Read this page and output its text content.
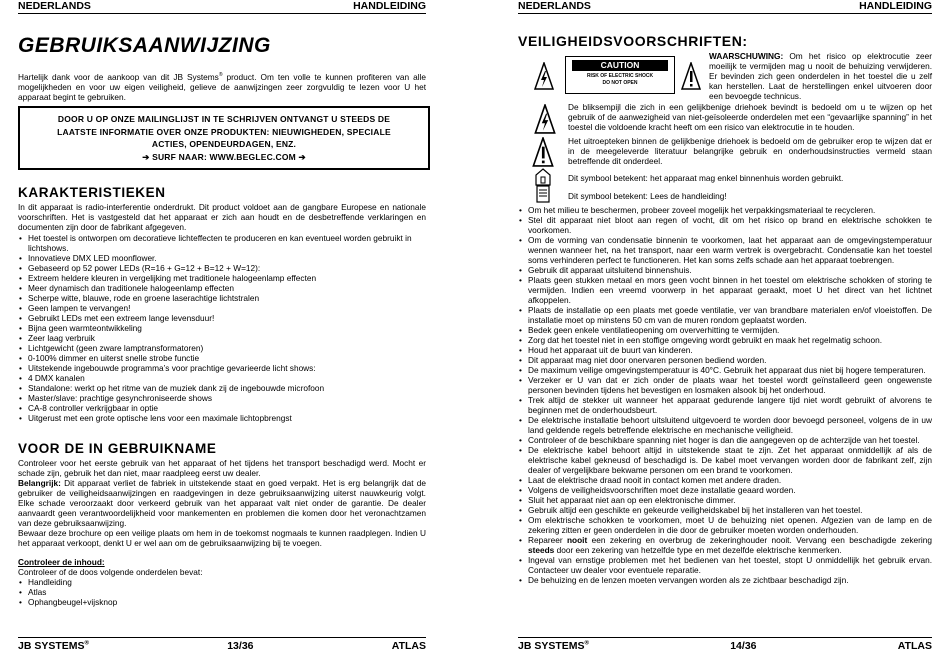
NEDERLANDS	HANDLEIDING
GEBRUIKSAANWIJZING
Hartelijk dank voor de aankoop van dit JB Systems® product. Om ten volle te kunnen profiteren van alle mogelijkheden en voor uw eigen veiligheid, gelieve de aanwijzingen zeer zorgvuldig te lezen voor U het apparaat begint te gebruiken.
DOOR U OP ONZE MAILINGLIJST IN TE SCHRIJVEN ONTVANGT U STEEDS DE LAATSTE INFORMATIE OVER ONZE PRODUKTEN: NIEUWIGHEDEN, SPECIALE ACTIES, OPENDEURDAGEN, ENZ.
➔ SURF NAAR: WWW.BEGLEC.COM ➔
KARAKTERISTIEKEN
In dit apparaat is radio-interferentie onderdrukt. Dit product voldoet aan de gangbare Europese en nationale voorschriften. Het is vastgesteld dat het apparaat er zich aan houdt en de desbetreffende verklaringen en documenten zijn door de fabrikant afgegeven.
• Het toestel is ontworpen om decoratieve lichteffecten te produceren en kan eventueel worden gebruikt in lichtshows.
• Innovatieve DMX LED moonflower.
• Gebaseerd op 52 power LEDs (R=16 + G=12 + B=12 + W=12):
• Extreem heldere kleuren in vergelijking met traditionele halogeenlamp effecten
• Meer dynamisch dan traditionele halogeenlamp effecten
• Scherpe witte, blauwe, rode en groene laserachtige lichtstralen
• Geen lampen te vervangen!
• Gebruikt LEDs met een extreem lange levensduur!
• Bijna geen warmteontwikkeling
• Zeer laag verbruik
• Lichtgewicht (geen zware lamptransformatoren)
• 0-100% dimmer en uiterst snelle strobe functie
• Uitstekende ingebouwde programma’s voor prachtige gevarieerde licht shows:
• 4 DMX kanalen
• Standalone: werkt op het ritme van de muziek dank zij de ingebouwde microfoon
• Master/slave: prachtige gesynchroniseerde shows
• CA-8 controller verkrijgbaar in optie
• Uitgerust met een grote optische lens voor een maximale lichtopbrengst
VOOR DE IN GEBRUIKNAME
Controleer voor het eerste gebruik van het apparaat of het tijdens het transport beschadigd werd. Mocht er schade zijn, gebruik het dan niet, maar raadpleeg eerst uw dealer.
Belangrijk: Dit apparaat verliet de fabriek in uitstekende staat en goed verpakt. Het is erg belangrijk dat de gebruiker de veiligheidsaanwijzingen en raadgevingen in deze gebruiksaanwijzing uiterst nauwkeurig volgt. Elke schade veroorzaakt door verkeerd gebruik van het apparaat valt niet onder de garantie. De dealer aanvaardt geen verantwoordelijkheid voor mankementen en problemen die komen door het veronachtzamen van deze gebruiksaanwijzing.
Bewaar deze brochure op een veilige plaats om hem in de toekomst nogmaals te kunnen raadplegen. Indien U het apparaat verkoopt, denkt U er wel aan om de gebruiksaanwijzing bij te voegen.
Controleer de inhoud:
Controleer of de doos volgende onderdelen bevat:
• Handleiding
• Atlas
• Ophangbeugel+vijsknop
JB SYSTEMS®	13/36	ATLAS
NEDERLANDS	HANDLEIDING
VEILIGHEIDSVOORSCHRIFTEN:
CAUTION
RISK OF ELECTRIC SHOCK
DO NOT OPEN
WAARSCHUWING: Om het risico op elektrocutie zeer moeilijk te vermijden mag u nooit de behuizing verwijderen. Er bevinden zich geen onderdelen in het toestel die u zelf kan herstellen. Laat de herstellingen enkel uitvoeren door een bevoegde technicus.
De bliksempijl die zich in een gelijkbenige driehoek bevindt is bedoeld om u te wijzen op het gebruik of de aanwezigheid van niet-geïsoleerde onderdelen met een “gevaarlijke spanning” in het toestel die voldoende kracht heeft om een risico van elektrocutie in te houden.
Het uitroepteken binnen de gelijkbenige driehoek is bedoeld om de gebruiker erop te wijzen dat er in de meegeleverde literatuur belangrijke gebruik en onderhoudsinstructies vermeld staan betreffende dit onderdeel.
Dit symbool betekent: het apparaat mag enkel binnenhuis worden gebruikt.
Dit symbool betekent: Lees de handleiding!
• Om het milieu te beschermen, probeer zoveel mogelijk het verpakkingsmateriaal te recycleren.
• Stel dit apparaat niet bloot aan regen of vocht, dit om het risico op brand en elektrische schokken te voorkomen.
• Om de vorming van condensatie binnenin te voorkomen, laat het apparaat aan de omgevingstemperatuur wennen wanneer het, na het transport, naar een warm vertrek is overgebracht. Condensatie kan het toestel soms verhinderen perfect te functioneren. Het kan soms zelfs schade aan het apparaat toebrengen.
• Gebruik dit apparaat uitsluitend binnenshuis.
• Plaats geen stukken metaal en mors geen vocht binnen in het toestel om elektrische schokken of storing te vermijden. Indien een vreemd voorwerp in het apparaat geraakt, moet U het direct van het lichtnet afkoppelen.
• Plaats de installatie op een plaats met goede ventilatie, ver van brandbare materialen en/of vloeistoffen. De installatie moet op minstens 50 cm van de muren rondom geplaatst worden.
• Bedek geen enkele ventilatieopening om oververhitting te vermijden.
• Zorg dat het toestel niet in een stoffige omgeving wordt gebruikt en maak het regelmatig schoon.
• Houd het apparaat uit de buurt van kinderen.
• Dit apparaat mag niet door onervaren personen bediend worden.
• De maximum veilige omgevingstemperatuur is 40°C. Gebruik het apparaat dus niet bij hogere temperaturen.
• Verzeker er U van dat er zich onder de plaats waar het toestel wordt geïnstalleerd geen ongewenste personen bevinden tijdens het bevestigen en losmaken alsook bij het onderhoud.
• Trek altijd de stekker uit wanneer het apparaat gedurende langere tijd niet wordt gebruikt of alvorens te beginnen met de onderhoudsbeurt.
• De elektrische installatie behoort uitsluitend uitgevoerd te worden door bevoegd personeel, volgens de in uw land geldende regels betreffende elektrische en mechanische veiligheid.
• Controleer of de beschikbare spanning niet hoger is dan die aangegeven op de achterzijde van het toestel.
• De elektrische kabel behoort altijd in uitstekende staat te zijn. Zet het apparaat onmiddellijk af als de elektrische kabel gekneusd of beschadigd is. De kabel moet vervangen worden door de fabrikant zelf, zijn dealer of vergelijkbare bekwame personen om een brand te voorkomen.
• Laat de elektrische draad nooit in contact komen met andere draden.
• Volgens de veiligheidsvoorschriften moet deze installatie geaard worden.
• Sluit het apparaat niet aan op een elektronische dimmer.
• Gebruik altijd een geschikte en gekeurde veiligheidskabel bij het installeren van het toestel.
• Om elektrische schokken te voorkomen, moet U de behuizing niet openen. Afgezien van de lamp en de zekering zitten er geen onderdelen in die door de gebruiker moeten worden onderhouden.
• Repareer nooit een zekering en overbrug de zekeringhouder nooit. Vervang een beschadigde zekering steeds door een zekering van hetzelfde type en met dezelfde elektrische kenmerken.
• Ingeval van ernstige problemen met het bedienen van het toestel, stopt U onmiddellijk het gebruik ervan. Contacteer uw dealer voor eventuele reparatie.
• De behuizing en de lenzen moeten vervangen worden als ze zichtbaar beschadigd zijn.
JB SYSTEMS®	14/36	ATLAS
